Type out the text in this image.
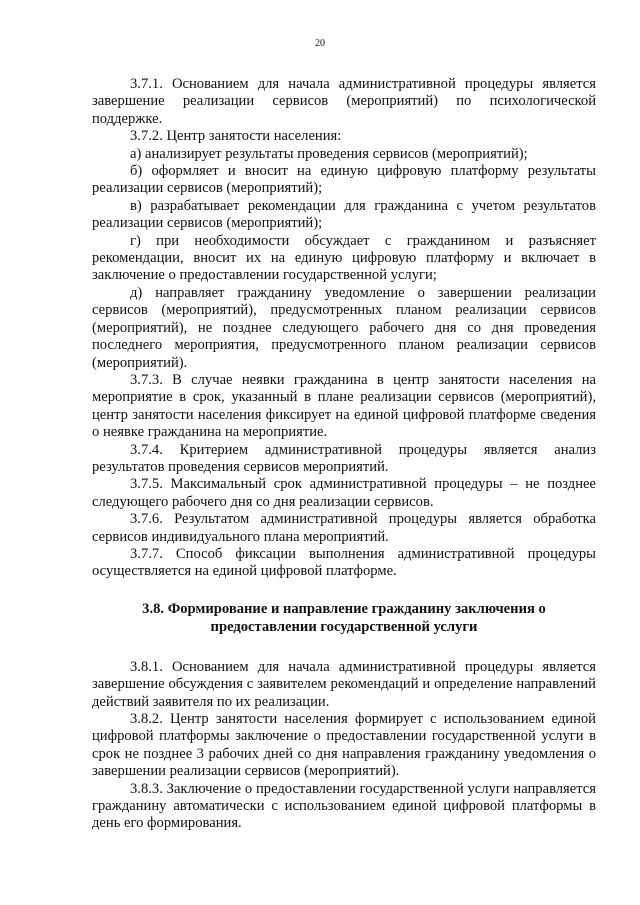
20

3.7.1. Основанием для начала административной процедуры является завершение реализации сервисов (мероприятий) по психологической поддержке.

3.7.2. Центр занятости населения:

а) анализирует результаты проведения сервисов (мероприятий);

б) оформляет и вносит на единую цифровую платформу результаты реализации сервисов (мероприятий);

в) разрабатывает рекомендации для гражданина с учетом результатов реализации сервисов (мероприятий);

г) при необходимости обсуждает с гражданином и разъясняет рекомендации, вносит их на единую цифровую платформу и включает в заключение о предоставлении государственной услуги;

д) направляет гражданину уведомление о завершении реализации сервисов (мероприятий), предусмотренных планом реализации сервисов (мероприятий), не позднее следующего рабочего дня со дня проведения последнего мероприятия, предусмотренного планом реализации сервисов (мероприятий).

3.7.3. В случае неявки гражданина в центр занятости населения на мероприятие в срок, указанный в плане реализации сервисов (мероприятий), центр занятости населения фиксирует на единой цифровой платформе сведения о неявке гражданина на мероприятие.

3.7.4. Критерием административной процедуры является анализ результатов проведения сервисов мероприятий.

3.7.5. Максимальный срок административной процедуры – не позднее следующего рабочего дня со дня реализации сервисов.

3.7.6. Результатом административной процедуры является обработка сервисов индивидуального плана мероприятий.

3.7.7. Способ фиксации выполнения административной процедуры осуществляется на единой цифровой платформе.

3.8. Формирование и направление гражданину заключения о предоставлении государственной услуги

3.8.1. Основанием для начала административной процедуры является завершение обсуждения с заявителем рекомендаций и определение направлений действий заявителя по их реализации.

3.8.2. Центр занятости населения формирует с использованием единой цифровой платформы заключение о предоставлении государственной услуги в срок не позднее 3 рабочих дней со дня направления гражданину уведомления о завершении реализации сервисов (мероприятий).

3.8.3. Заключение о предоставлении государственной услуги направляется гражданину автоматически с использованием единой цифровой платформы в день его формирования.
